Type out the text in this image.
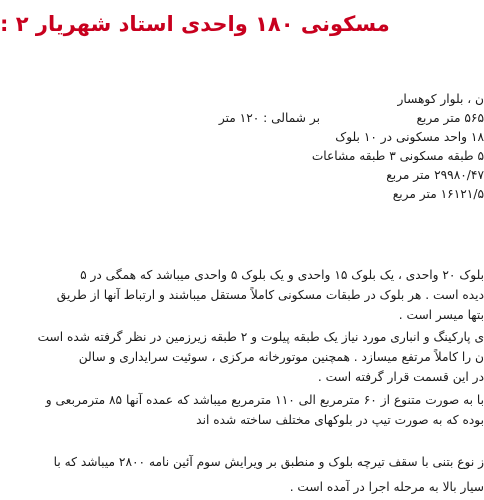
مسکونی ۱۸۰ واحدی استاد شهریار ۲ :
ن ، بلوار کوهسار
۵۶۵ متر مربع
بر شمالی : ۱۲۰ متر
۱۸ واحد مسکونی در ۱۰ بلوک
۵ طبقه مسکونی ۳ طبقه مشاعات
۲۹۹۸۰/۴۷ متر مربع
۱۶۱۲۱/۵ متر مربع
بلوک ۲۰ واحدی ، یک بلوک ۱۵ واحدی و یک بلوک ۵ واحدی میباشد که همگی در ۵
دیده است . هر بلوک در طبقات مسکونی کاملاً مستقل میباشند و ارتباط آنها از طریق
بتها میسر است .
ی پارکینگ و انباری مورد نیاز یک طبقه پیلوت و ۲ طبقه زیرزمین در نظر گرفته شده است
ن را کاملاً مرتفع میسازد . همچنین موتورخانه مرکزی ، سوئیت سرایداری و سالن
در این قسمت قرار گرفته است .
با به صورت متنوع از ۶۰ مترمربع الی ۱۱۰ مترمربع میباشد که عمده آنها ۸۵ مترمربعی و
بوده که به صورت تیپ در بلوکهای مختلف ساخته شده اند
ز نوع بتنی با سقف تیرچه بلوک و منطبق بر ویرایش سوم آئین نامه ۲۸۰۰ میباشد که با
سیار بالا به مرحله اجرا در آمده است .
